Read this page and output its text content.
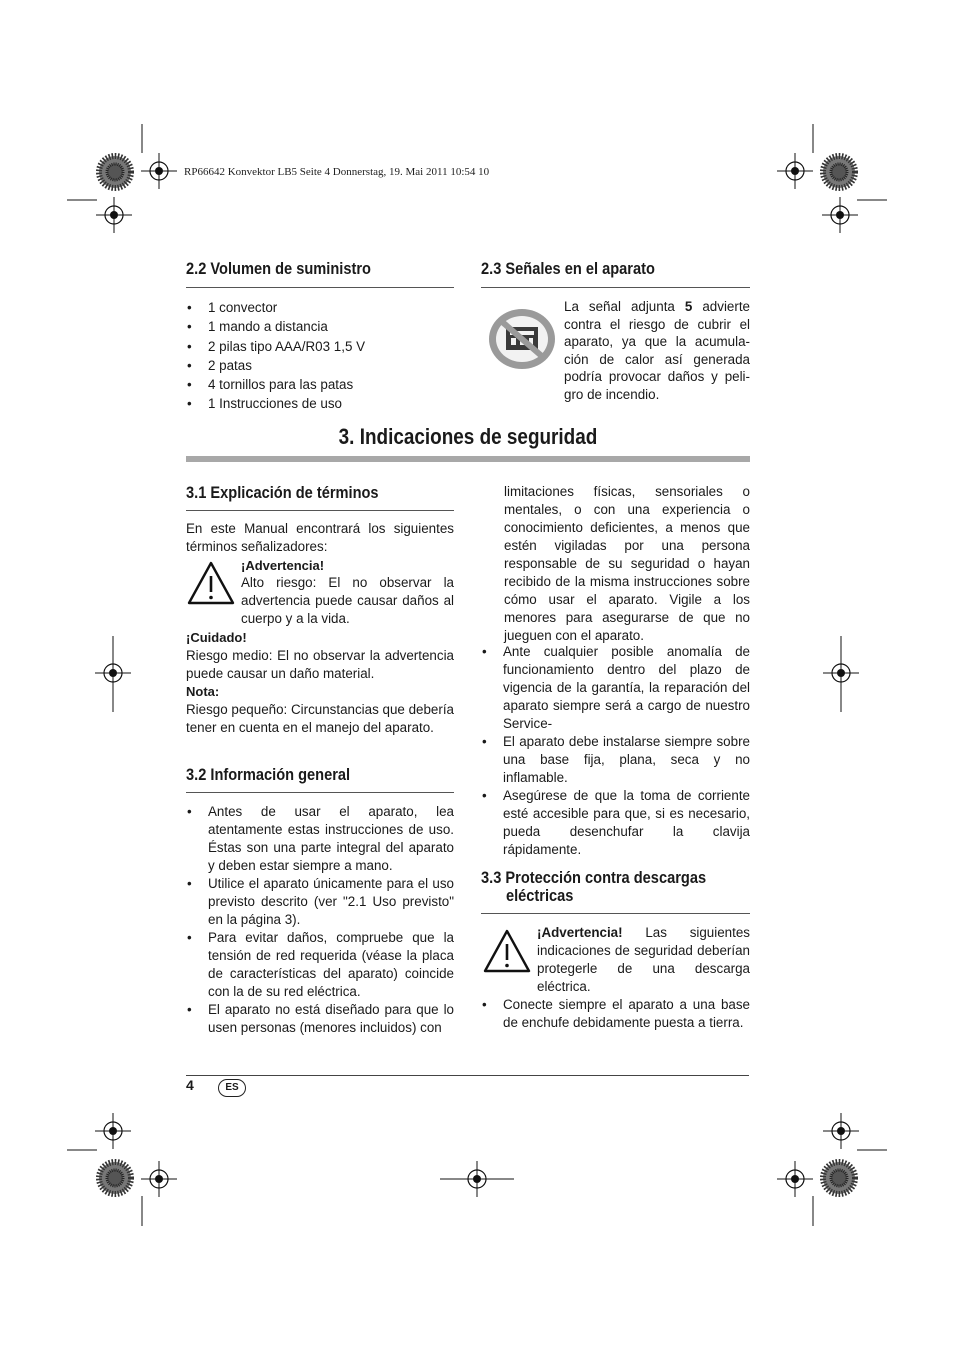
RP66642 Konvektor LB5 Seite 4 Donnerstag, 19. Mai 2011 10:54 10
2.2 Volumen de suministro
• 1 convector
• 1 mando a distancia
• 2 pilas tipo AAA/R03 1,5 V
• 2 patas
• 4 tornillos para las patas
• 1 Instrucciones de uso
2.3 Señales en el aparato
La señal adjunta 5 advierte
contra el riesgo de cubrir el
aparato, ya que la acumula-
ción de calor así generada
podría provocar daños y peli-
gro de incendio.
3. Indicaciones de seguridad
3.1 Explicación de términos
En este Manual encontrará los siguientes términos señalizadores:
¡Advertencia!
Alto riesgo: El no observar la advertencia puede causar daños al cuerpo y a la vida.
¡Cuidado!
Riesgo medio: El no observar la advertencia puede causar un daño material.
Nota:
Riesgo pequeño: Circunstancias que debería tener en cuenta en el manejo del aparato.
3.2 Información general
• Antes de usar el aparato, lea atentamente estas instrucciones de uso. Éstas son una parte integral del aparato y deben estar siempre a mano.
• Utilice el aparato únicamente para el uso previsto descrito (ver "2.1 Uso previsto" en la página 3).
• Para evitar daños, compruebe que la tensión de red requerida (véase la placa de características del aparato) coincide con la de su red eléctrica.
• El aparato no está diseñado para que lo usen personas (menores incluidos) con
limitaciones físicas, sensoriales o mentales, o con una experiencia o conocimiento deficientes, a menos que estén vigiladas por una persona responsable de su seguridad o hayan recibido de la misma instrucciones sobre cómo usar el aparato. Vigile a los menores para asegurarse de que no jueguen con el aparato.
• Ante cualquier posible anomalía de funcionamiento dentro del plazo de vigencia de la garantía, la reparación del aparato siempre será a cargo de nuestro Service-
• El aparato debe instalarse siempre sobre una base fija, plana, seca y no inflamable.
• Asegúrese de que la toma de corriente esté accesible para que, si es necesario, pueda desenchufar la clavija rápidamente.
3.3 Protección contra descargas
eléctricas
¡Advertencia! Las siguientes indicaciones de seguridad deberían protegerle de una descarga eléctrica.
• Conecte siempre el aparato a una base de enchufe debidamente puesta a tierra.
4	ES
